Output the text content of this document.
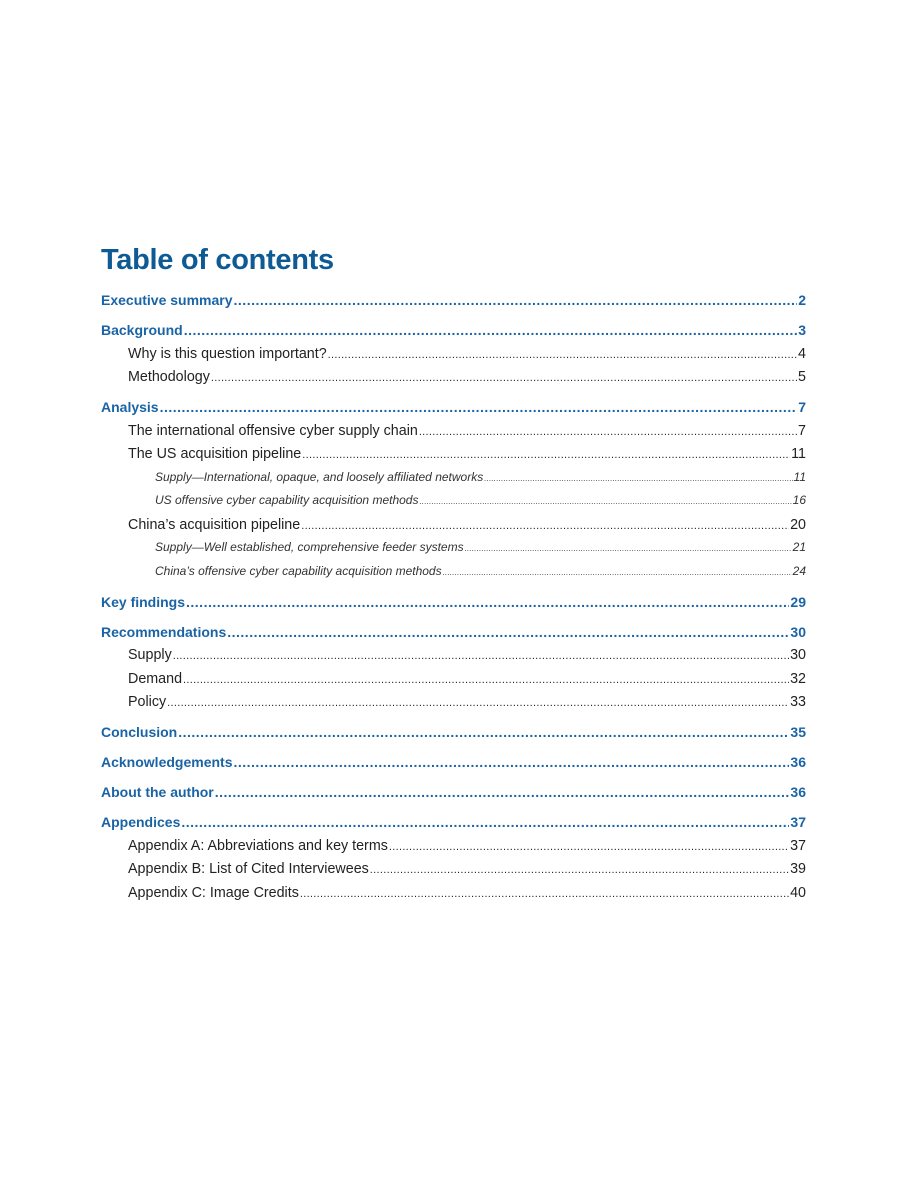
Table of contents
Executive summary .....	2
Background .....	3
Why is this question important? .....	4
Methodology .....	5
Analysis .....	7
The international offensive cyber supply chain .....	7
The US acquisition pipeline .....	11
Supply—International, opaque, and loosely affiliated networks .....	11
US offensive cyber capability acquisition methods .....	16
China’s acquisition pipeline .....	20
Supply—Well established, comprehensive feeder systems .....	21
China’s offensive cyber capability acquisition methods .....	24
Key findings .....	29
Recommendations .....	30
Supply .....	30
Demand .....	32
Policy .....	33
Conclusion .....	35
Acknowledgements .....	36
About the author .....	36
Appendices .....	37
Appendix A: Abbreviations and key terms .....	37
Appendix B: List of Cited Interviewees .....	39
Appendix C: Image Credits .....	40
